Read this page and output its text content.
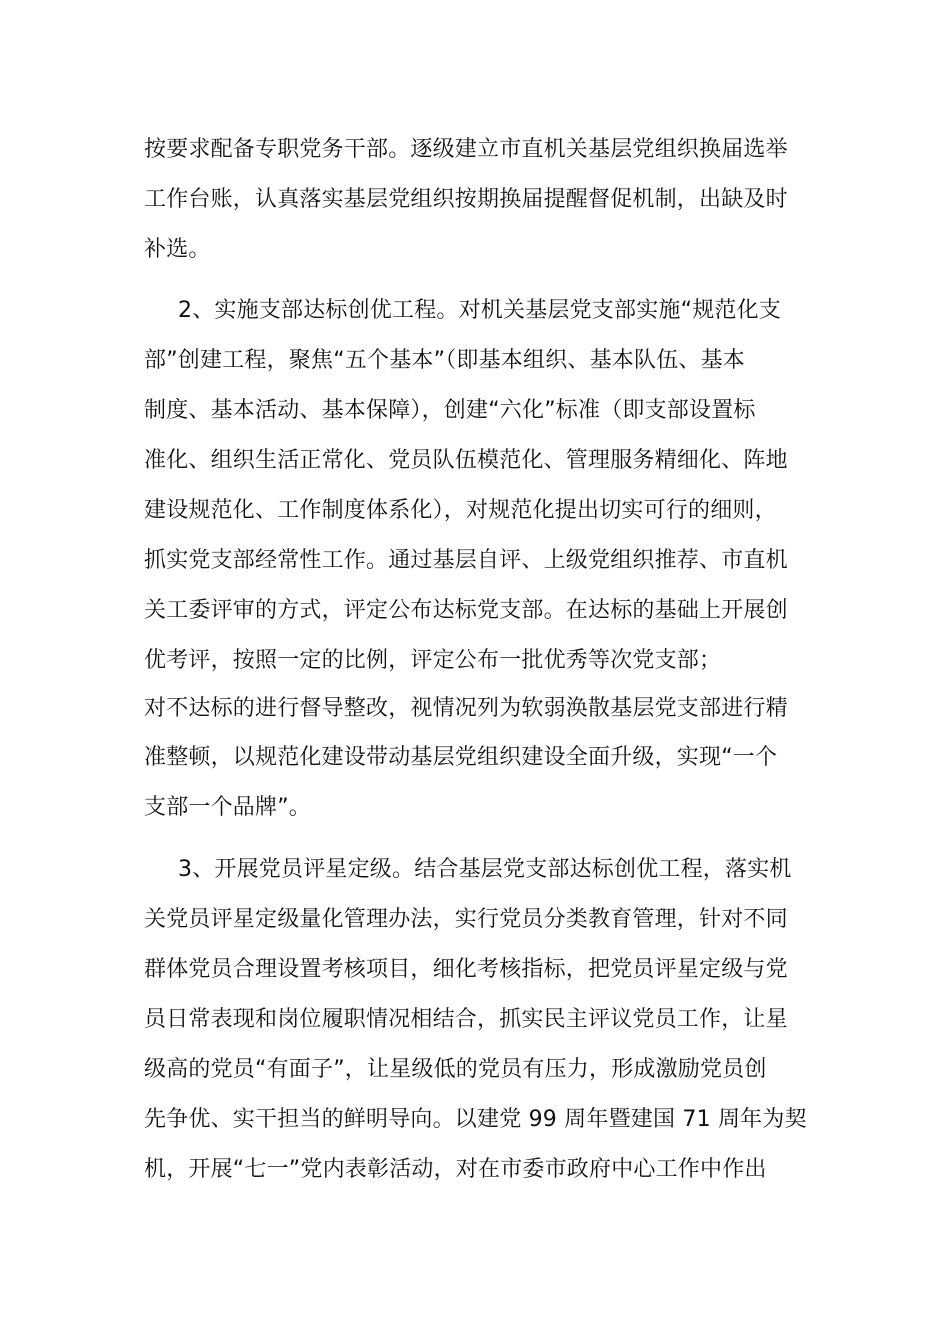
按要求配备专职党务干部。逐级建立市直机关基层党组织换届选举

工作台账，认真落实基层党组织按期换届提醒督促机制，出缺及时

补选。

2、实施支部达标创优工程。对机关基层党支部实施“规范化支

部”创建工程，聚焦“五个基本”（即基本组织、基本队伍、基本

制度、基本活动、基本保障），创建“六化”标准（即支部设置标

准化、组织生活正常化、党员队伍模范化、管理服务精细化、阵地

建设规范化、工作制度体系化），对规范化提出切实可行的细则，

抓实党支部经常性工作。通过基层自评、上级党组织推荐、市直机

关工委评审的方式，评定公布达标党支部。在达标的基础上开展创

优考评，按照一定的比例，评定公布一批优秀等次党支部；

对不达标的进行督导整改，视情况列为软弱涣散基层党支部进行精

准整顿，以规范化建设带动基层党组织建设全面升级，实现“一个

支部一个品牌”。

3、开展党员评星定级。结合基层党支部达标创优工程，落实机

关党员评星定级量化管理办法，实行党员分类教育管理，针对不同

群体党员合理设置考核项目，细化考核指标，把党员评星定级与党

员日常表现和岗位履职情况相结合，抓实民主评议党员工作，让星

级高的党员“有面子”，让星级低的党员有压力，形成激励党员创

先争优、实干担当的鲜明导向。以建党 99 周年暨建国 71 周年为契

机，开展“七一”党内表彰活动，对在市委市政府中心工作中作出
